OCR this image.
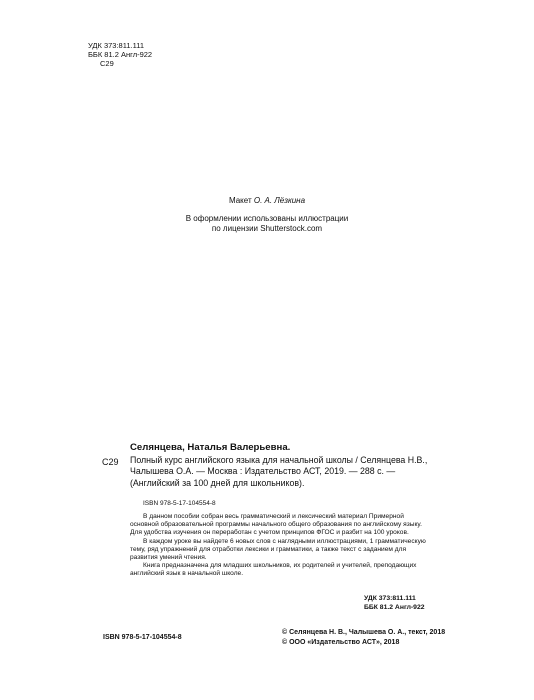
УДК 373:811.111
ББК 81.2 Англ-922
С29
Макет О. А. Лёзкина
В оформлении использованы иллюстрации
по лицензии Shutterstock.com
Селянцева, Наталья Валерьевна.
С29 Полный курс английского языка для начальной школы / Селянцева Н.В., Чалышева О.А. — Москва : Издательство АСТ, 2019. — 288 с. — (Английский за 100 дней для школьников).
ISBN 978-5-17-104554-8

В данном пособии собран весь грамматический и лексический материал Примерной основной образовательной программы начального общего образования по английскому языку. Для удобства изучения он переработан с учетом принципов ФГОС и разбит на 100 уроков.

В каждом уроке вы найдете 6 новых слов с наглядными иллюстрациями, 1 грамматическую тему, ряд упражнений для отработки лексики и грамматики, а также текст с заданием для развития умений чтения.

Книга предназначена для младших школьников, их родителей и учителей, преподающих английский язык в начальной школе.

УДК 373:811.111
ББК 81.2 Англ-922
ISBN 978-5-17-104554-8
© Селянцева Н. В., Чалышева О. А., текст, 2018
© ООО «Издательство АСТ», 2018
